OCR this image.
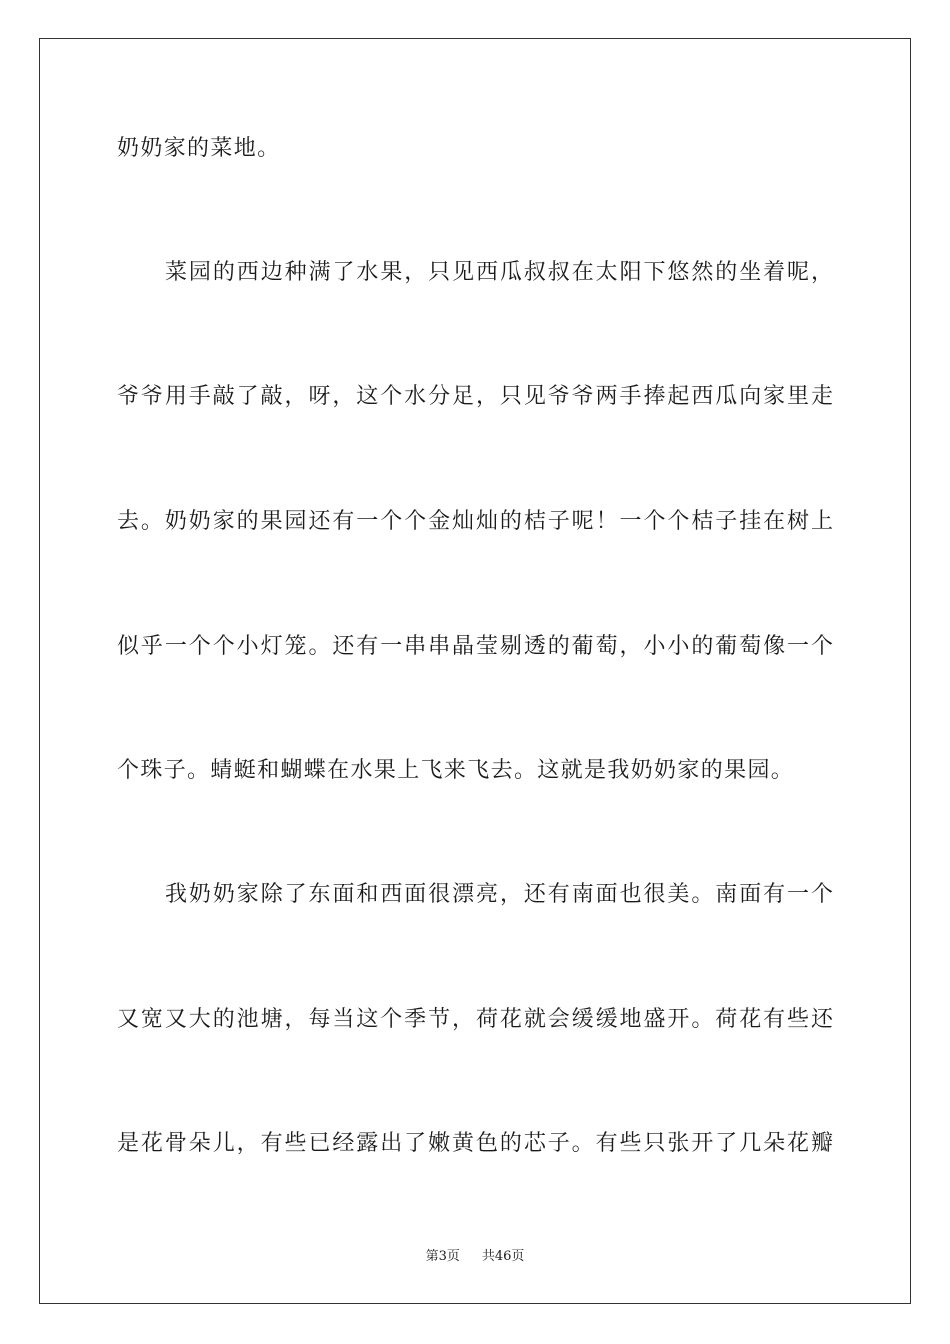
奶奶家的菜地。
菜园的西边种满了水果，只见西瓜叔叔在太阳下悠然的坐着呢，
爷爷用手敲了敲，呀，这个水分足，只见爷爷两手捧起西瓜向家里走
去。奶奶家的果园还有一个个金灿灿的桔子呢！一个个桔子挂在树上
似乎一个个小灯笼。还有一串串晶莹剔透的葡萄，小小的葡萄像一个
个珠子。蜻蜓和蝴蝶在水果上飞来飞去。这就是我奶奶家的果园。
我奶奶家除了东面和西面很漂亮，还有南面也很美。南面有一个
又宽又大的池塘，每当这个季节，荷花就会缓缓地盛开。荷花有些还
是花骨朵儿，有些已经露出了嫩黄色的芯子。有些只张开了几朵花瓣
第3页 共46页
